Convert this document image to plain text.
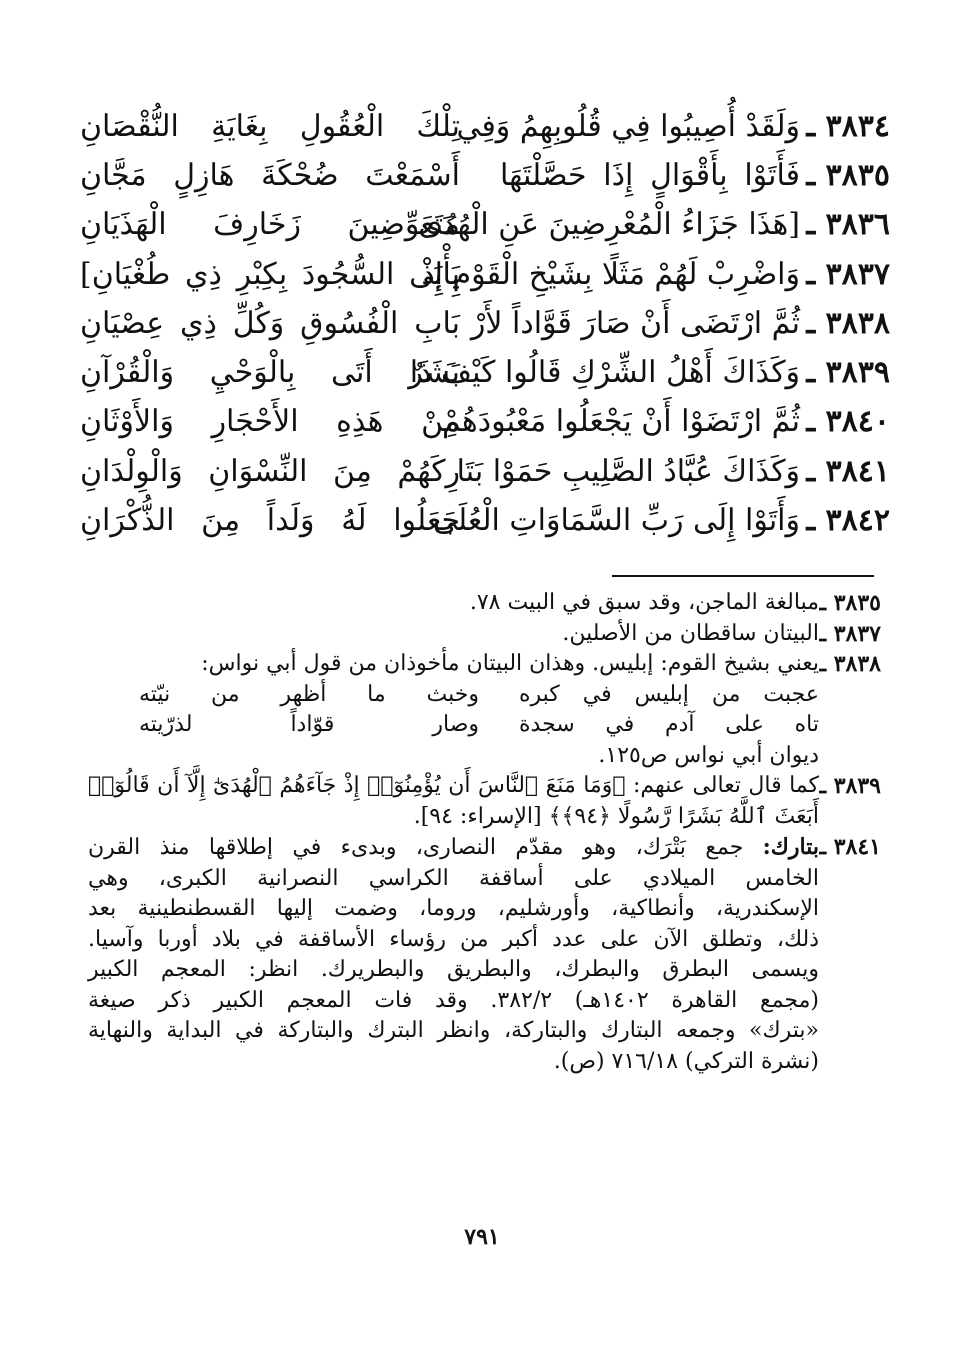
٣٨٣٤ ـ
وَلَقَدْ أُصِيبُوا فِي قُلُوبِهِمُ وَفِي
تِلْكَ الْعُقُولِ بِغَايَةِ النُّقْصَانِ
٣٨٣٥ ـ
فَأَتَوْا بِأَقْوَالٍ إِذَا حَصَّلْتَهَا
أَسْمَعْتَ ضُحْكَةَ هَازِلٍ مَجَّانِ
٣٨٣٦ ـ
[هَذَا جَزَاءُ الْمُعْرِضِينَ عَنِ الْهُدَى
مُتَعَوِّضِينَ زَخَارِفَ الْهَذَيَانِ
٣٨٣٧ ـ
وَاضْرِبْ لَهُمْ مَثَلًا بِشَيْخِ الْقَوْمِ إِذْ
يَأْبَى السُّجُودَ بِكِبْرِ ذِي طُغْيَانِ]
٣٨٣٨ ـ
ثُمَّ ارْتَضَى أَنْ صَارَ قَوَّاداً لأَرْ
بَابِ الْفُسُوقِ وَكُلِّ ذِي عِصْيَانِ
٣٨٣٩ ـ
وَكَذَاكَ أَهْلُ الشِّرْكِ قَالُوا كَيْفَ ذَا
بَشَرٌ أَتَى بِالْوَحْيِ وَالْقُرْآنِ
٣٨٤٠ ـ
ثُمَّ ارْتَضَوْا أَنْ يَجْعَلُوا مَعْبُودَهُمْ
مِنْ هَذِهِ الأَحْجَارِ وَالأَوْثَانِ
٣٨٤١ ـ
وَكَذَاكَ عُبَّادُ الصَّلِيبِ حَمَوْا بَتَا
رِكَهُمْ مِنَ النِّسْوَانِ وَالْوِلْدَانِ
٣٨٤٢ ـ
وَأَتَوْا إِلَى رَبِّ السَّمَاوَاتِ الْعُلَى
جَعَلُوا لَهُ وَلَداً مِنَ الذُّكْرَانِ
٣٨٣٥ ـ
مبالغة الماجن، وقد سبق في البيت ٧٨.
٣٨٣٧ ـ
البيتان ساقطان من الأصلين.
٣٨٣٨ ـ
يعني بشيخ القوم: إبليس. وهذان البيتان مأخوذان من قول أبي نواس:
عجبت من إبليس في كبره
وخبث ما أظهر من نيّته
تاه على آدم في سجدة
وصار قوّاداً لذرّيته
ديوان أبي نواس ص١٢٥.
٣٨٣٩ ـ
كما قال تعالى عنهم: ﴿وَمَا مَنَعَ ٱلنَّاسَ أَن يُؤْمِنُوٓا۟ إِذْ جَآءَهُمُ ٱلْهُدَىٰٓ إِلَّآ أَن قَالُوٓا۟
أَبَعَثَ ٱللَّهُ بَشَرًا رَّسُولًا ﴿٩٤﴾﴾ [الإسراء: ٩٤].
٣٨٤١ ـ
بتارك: جمع بَتْرَك، وهو مقدّم النصارى، وبدىء في إطلاقها منذ القرن
الخامس الميلادي على أساقفة الكراسي النصرانية الكبرى، وهي
الإسكندرية، وأنطاكية، وأورشليم، وروما، وضمت إليها القسطنطينية بعد
ذلك، وتطلق الآن على عدد أكبر من رؤساء الأساقفة في بلاد أوربا وآسيا.
ويسمى البطرق والبطرك، والبطريق والبطريرك. انظر: المعجم الكبير
(مجمع القاهرة ١٤٠٢هـ) ٣٨٢/٢. وقد فات المعجم الكبير ذكر صيغة
«بترك» وجمعه البتارك والبتاركة، وانظر البترك والبتاركة في البداية والنهاية
(نشرة التركي) ٧١٦/١٨ (ص).
٧٩١
